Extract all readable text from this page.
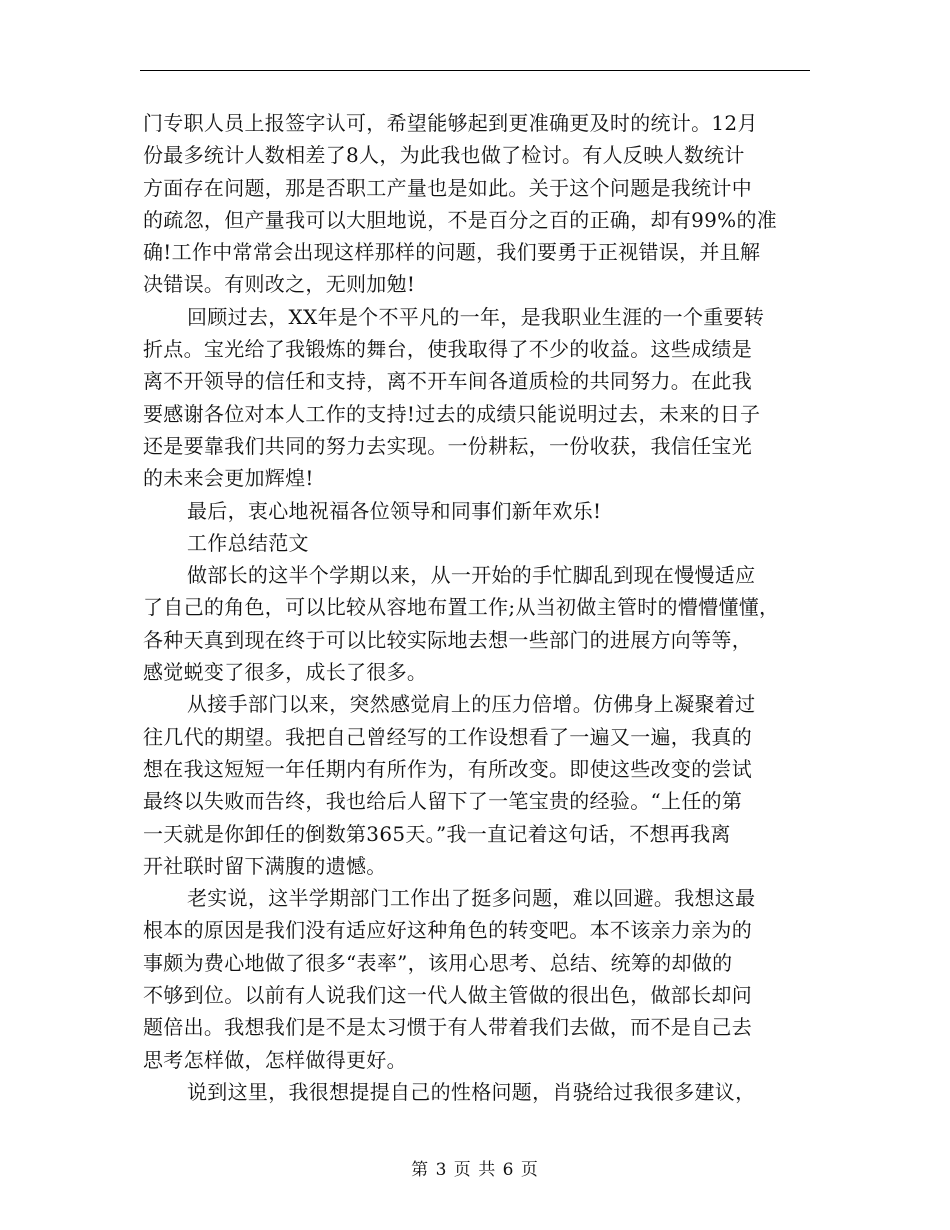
门专职人员上报签字认可，希望能够起到更准确更及时的统计。12月
份最多统计人数相差了8人，为此我也做了检讨。有人反映人数统计
方面存在问题，那是否职工产量也是如此。关于这个问题是我统计中
的疏忽，但产量我可以大胆地说，不是百分之百的正确，却有99%的准
确!工作中常常会出现这样那样的问题，我们要勇于正视错误，并且解
决错误。有则改之，无则加勉!
回顾过去，XX年是个不平凡的一年，是我职业生涯的一个重要转
折点。宝光给了我锻炼的舞台，使我取得了不少的收益。这些成绩是
离不开领导的信任和支持，离不开车间各道质检的共同努力。在此我
要感谢各位对本人工作的支持!过去的成绩只能说明过去，未来的日子
还是要靠我们共同的努力去实现。一份耕耘，一份收获，我信任宝光
的未来会更加辉煌!
最后，衷心地祝福各位领导和同事们新年欢乐!
工作总结范文
做部长的这半个学期以来，从一开始的手忙脚乱到现在慢慢适应
了自己的角色，可以比较从容地布置工作;从当初做主管时的懵懵懂懂，
各种天真到现在终于可以比较实际地去想一些部门的进展方向等等，
感觉蜕变了很多，成长了很多。
从接手部门以来，突然感觉肩上的压力倍增。仿佛身上凝聚着过
往几代的期望。我把自己曾经写的工作设想看了一遍又一遍，我真的
想在我这短短一年任期内有所作为，有所改变。即使这些改变的尝试
最终以失败而告终，我也给后人留下了一笔宝贵的经验。“上任的第
一天就是你卸任的倒数第365天。”我一直记着这句话，不想再我离
开社联时留下满腹的遗憾。
老实说，这半学期部门工作出了挺多问题，难以回避。我想这最
根本的原因是我们没有适应好这种角色的转变吧。本不该亲力亲为的
事颇为费心地做了很多“表率”，该用心思考、总结、统筹的却做的
不够到位。以前有人说我们这一代人做主管做的很出色，做部长却问
题倍出。我想我们是不是太习惯于有人带着我们去做，而不是自己去
思考怎样做，怎样做得更好。
说到这里，我很想提提自己的性格问题，肖骁给过我很多建议，
第 3 页 共 6 页
